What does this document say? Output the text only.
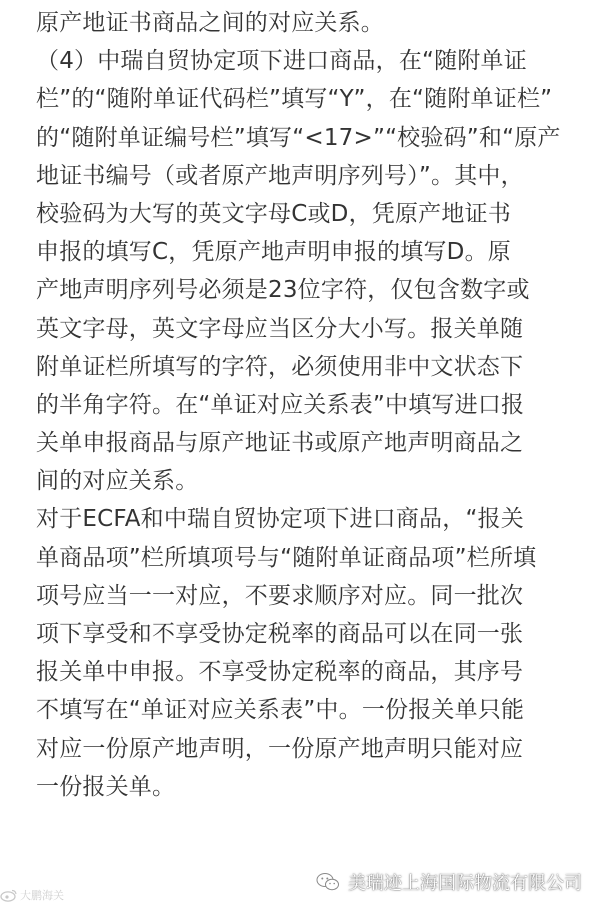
原产地证书商品之间的对应关系。
（4）中瑞自贸协定项下进口商品，在“随附单证
栏”的“随附单证代码栏”填写“Y”，在“随附单证栏”
的“随附单证编号栏”填写“<17>”“校验码”和“原产
地证书编号（或者原产地声明序列号）”。其中，
校验码为大写的英文字母C或D，凭原产地证书
申报的填写C，凭原产地声明申报的填写D。原
产地声明序列号必须是23位字符，仅包含数字或
英文字母，英文字母应当区分大小写。报关单随
附单证栏所填写的字符，必须使用非中文状态下
的半角字符。在“单证对应关系表”中填写进口报
关单申报商品与原产地证书或原产地声明商品之
间的对应关系。
对于ECFA和中瑞自贸协定项下进口商品，“报关
单商品项”栏所填项号与“随附单证商品项”栏所填
项号应当一一对应，不要求顺序对应。同一批次
项下享受和不享受协定税率的商品可以在同一张
报关单中申报。不享受协定税率的商品，其序号
不填写在“单证对应关系表”中。一份报关单只能
对应一份原产地声明，一份原产地声明只能对应
一份报关单。
大鹏海关
美瑞迹上海国际物流有限公司
